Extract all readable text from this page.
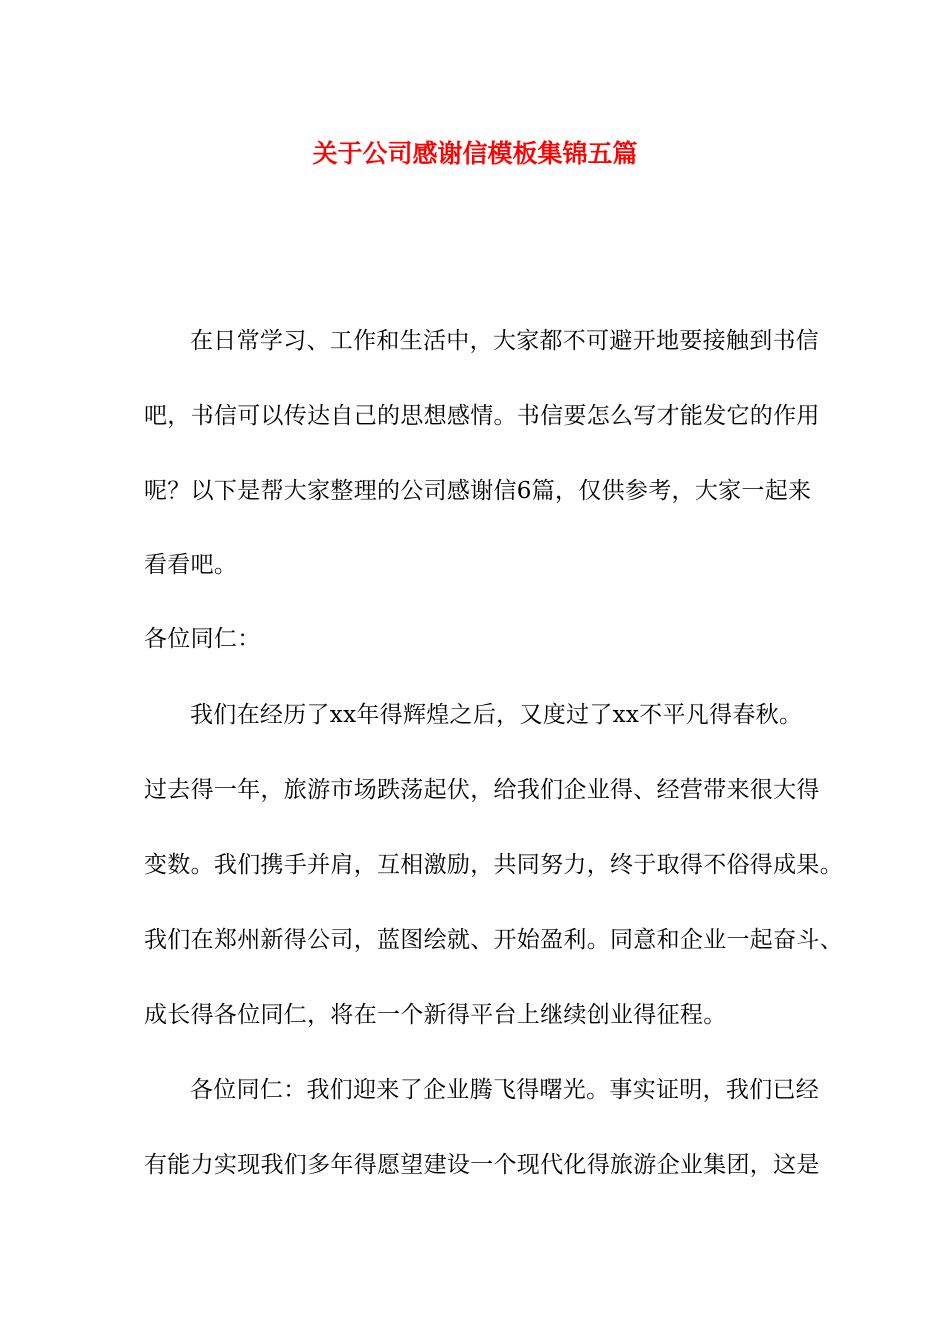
关于公司感谢信模板集锦五篇
在日常学习、工作和生活中，大家都不可避开地要接触到书信
吧，书信可以传达自己的思想感情。书信要怎么写才能发它的作用
呢？以下是帮大家整理的公司感谢信6篇，仅供参考，大家一起来
看看吧。
各位同仁：
我们在经历了xx年得辉煌之后，又度过了xx不平凡得春秋。
过去得一年，旅游市场跌荡起伏，给我们企业得、经营带来很大得
变数。我们携手并肩，互相激励，共同努力，终于取得不俗得成果。
我们在郑州新得公司，蓝图绘就、开始盈利。同意和企业一起奋斗、
成长得各位同仁，将在一个新得平台上继续创业得征程。
各位同仁：我们迎来了企业腾飞得曙光。事实证明，我们已经
有能力实现我们多年得愿望建设一个现代化得旅游企业集团，这是
